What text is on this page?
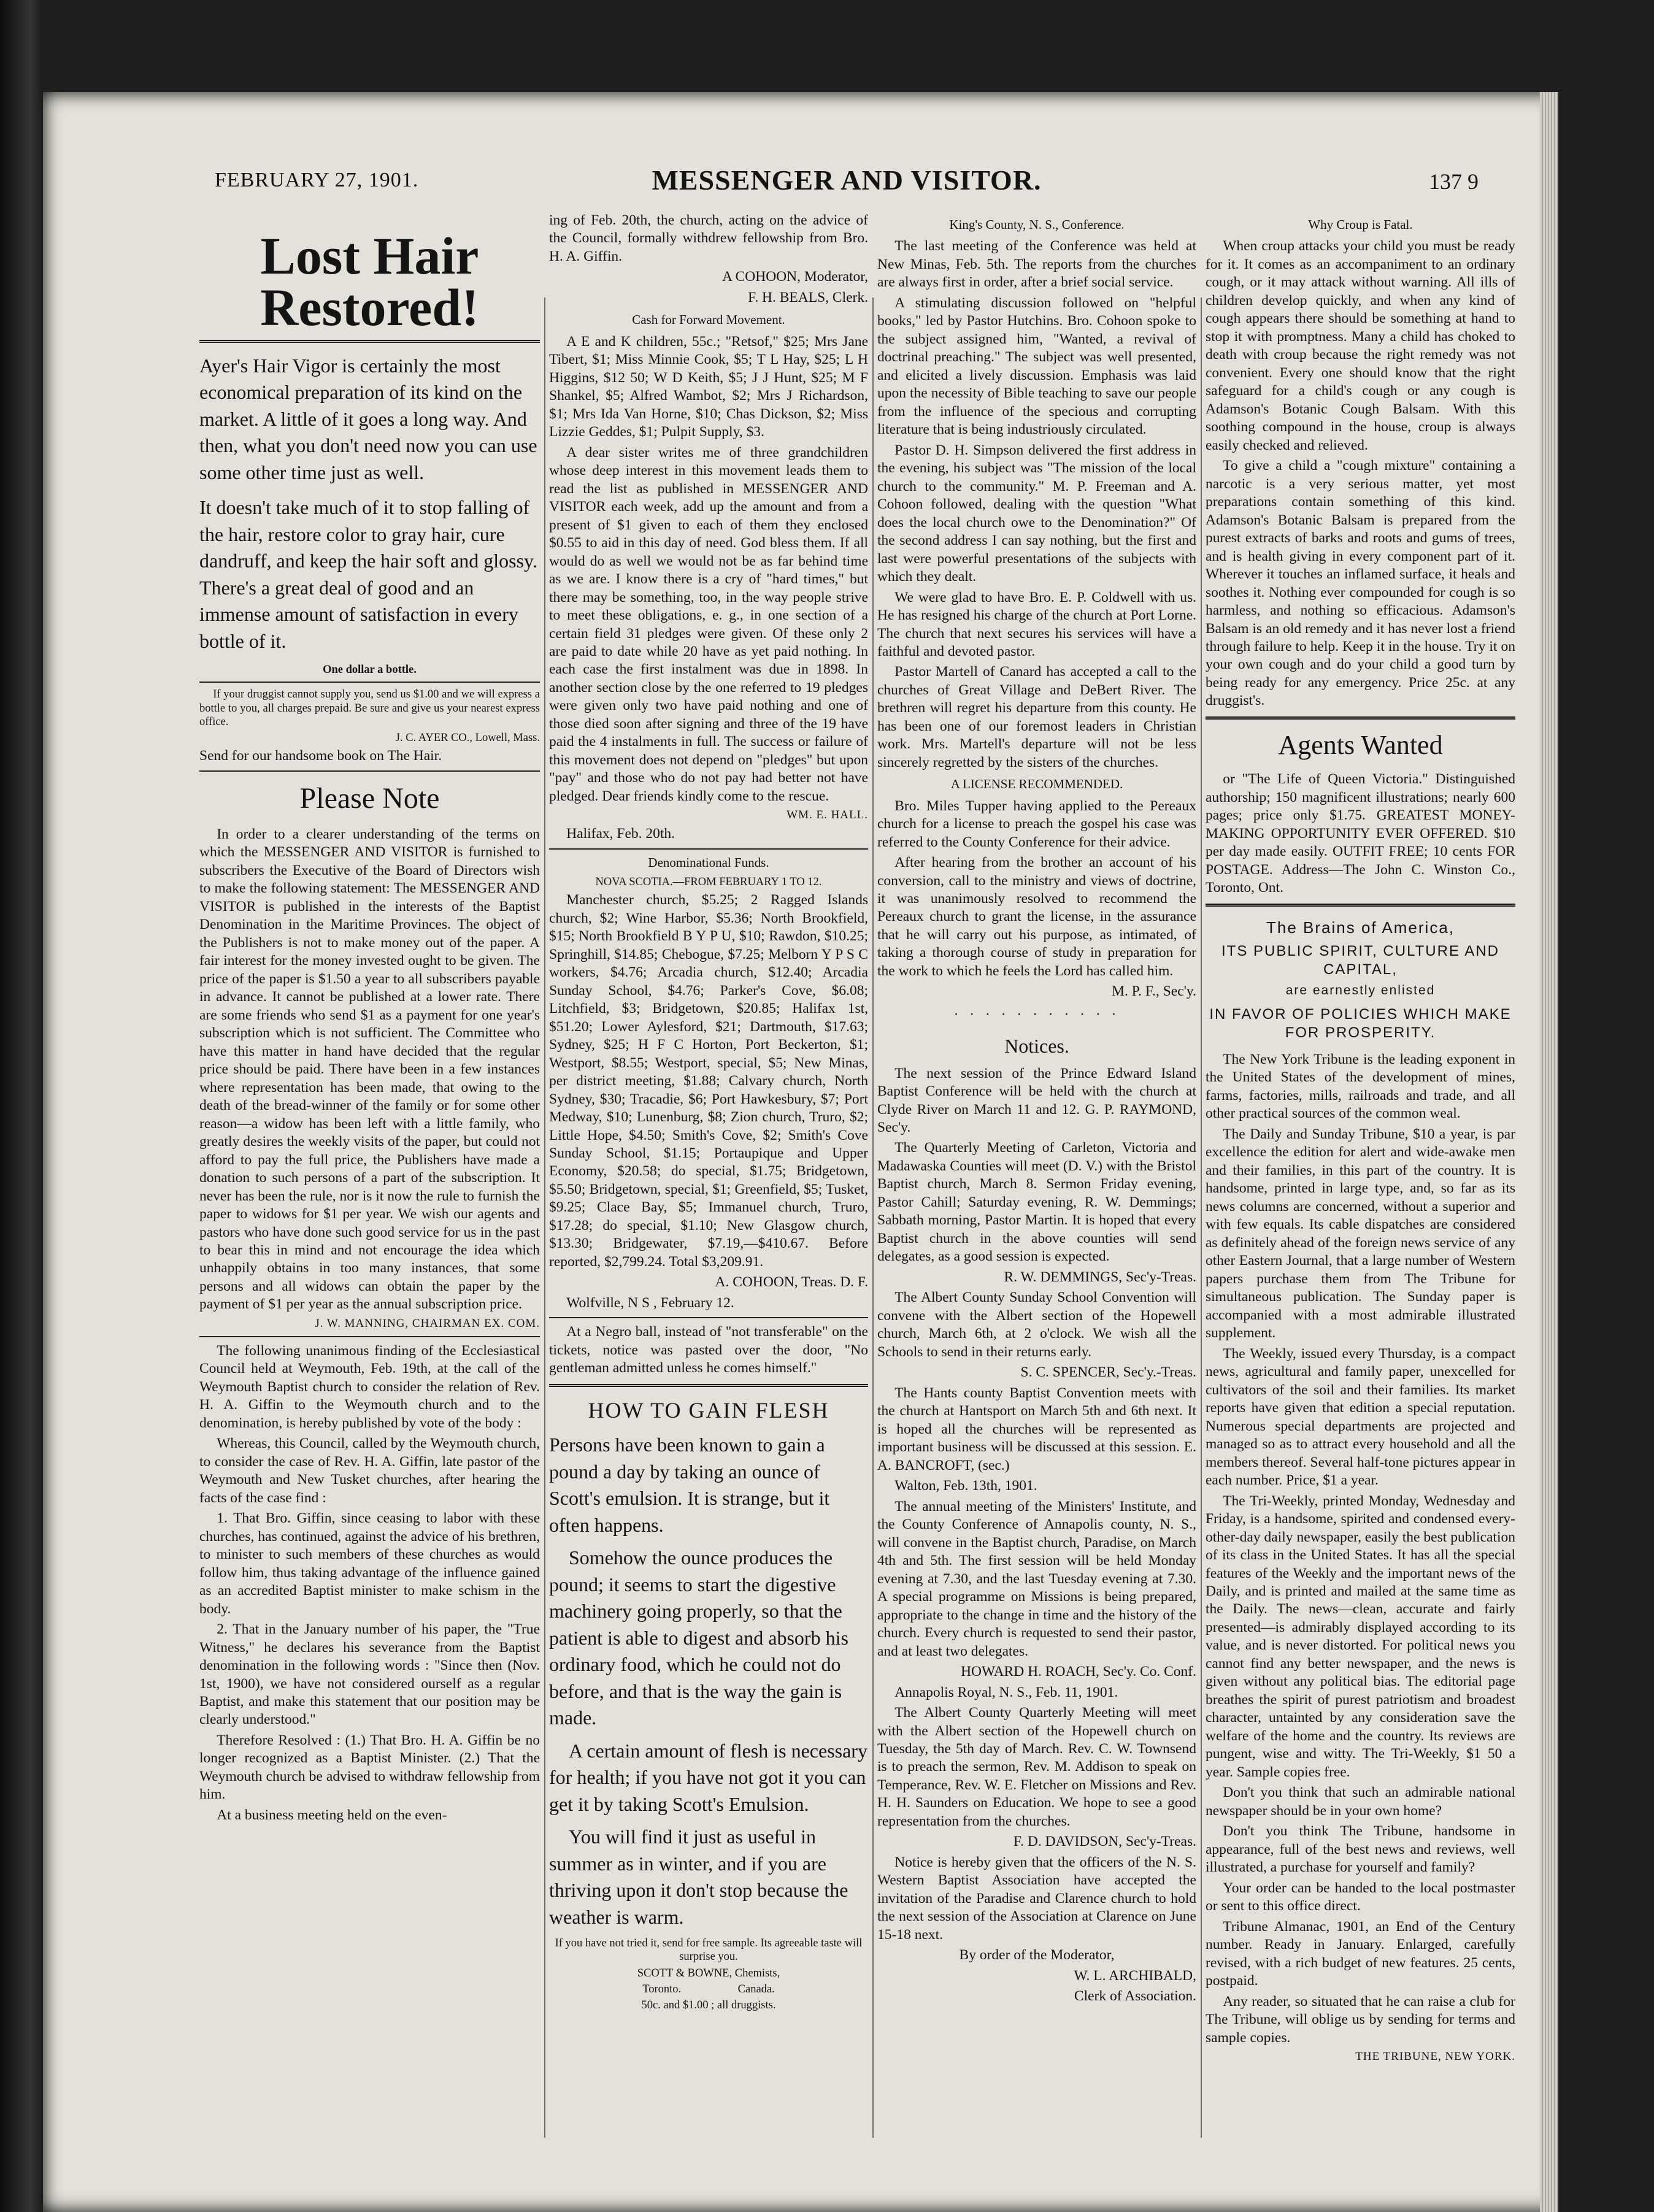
FEBRUARY 27, 1901.	MESSENGER AND VISITOR.	137 9
Lost Hair Restored!

Ayer's Hair Vigor is certainly the most economical preparation of its kind on the market. A little of it goes a long way. And then, what you don't need now you can use some other time just as well.

It doesn't take much of it to stop falling of the hair, restore color to gray hair, cure dandruff, and keep the hair soft and glossy. There's a great deal of good and an immense amount of satisfaction in every bottle of it.

One dollar a bottle.

If your druggist cannot supply you, send us $1.00 and we will express a bottle to you, all charges prepaid. Be sure and give us your nearest express office.

J. C. AYER CO., Lowell, Mass.

Send for our handsome book on The Hair.

Please Note

In order to a clearer understanding of the terms on which the MESSENGER AND VISITOR is furnished to subscribers the Executive of the Board of Directors wish to make the following statement: The MESSENGER AND VISITOR is published in the interests of the Baptist Denomination in the Maritime Provinces. The object of the Publishers is not to make money out of the paper. A fair interest for the money invested ought to be given. The price of the paper is $1.50 a year to all subscribers payable in advance. It cannot be published at a lower rate. There are some friends who send $1 as a payment for one year's subscription which is not sufficient. The Committee who have this matter in hand have decided that the regular price should be paid. There have been in a few instances where representation has been made, that owing to the death of the bread-winner of the family or for some other reason—a widow has been left with a little family, who greatly desires the weekly visits of the paper, but could not afford to pay the full price, the Publishers have made a donation to such persons of a part of the subscription. It never has been the rule, nor is it now the rule to furnish the paper to widows for $1 per year. We wish our agents and pastors who have done such good service for us in the past to bear this in mind and not encourage the idea which unhappily obtains in too many instances, that some persons and all widows can obtain the paper by the payment of $1 per year as the annual subscription price.

J. W. MANNING, CHAIRMAN EX. COM.

The following unanimous finding of the Ecclesiastical Council held at Weymouth, Feb. 19th, at the call of the Weymouth Baptist church to consider the relation of Rev. H. A. Giffin to the Weymouth church and to the denomination, is hereby published by vote of the body :

Whereas, this Council, called by the Weymouth church, to consider the case of Rev. H. A. Giffin, late pastor of the Weymouth and New Tusket churches, after hearing the facts of the case find :

1. That Bro. Giffin, since ceasing to labor with these churches, has continued, against the advice of his brethren, to minister to such members of these churches as would follow him, thus taking advantage of the influence gained as an accredited Baptist minister to make schism in the body.

2. That in the January number of his paper, the "True Witness," he declares his severance from the Baptist denomination in the following words : "Since then (Nov. 1st, 1900), we have not considered ourself as a regular Baptist, and make this statement that our position may be clearly understood."

Therefore Resolved : (1.) That Bro. H. A. Giffin be no longer recognized as a Baptist Minister. (2.) That the Weymouth church be advised to withdraw fellowship from him.

At a business meeting held on the even-

ing of Feb. 20th, the church, acting on the advice of the Council, formally withdrew fellowship from Bro. H. A. Giffin.

A COHOON, Moderator,

F. H. BEALS, Clerk.

Cash for Forward Movement.

A E and K children, 55c.; "Retsof," $25; Mrs Jane Tibert, $1; Miss Minnie Cook, $5; T L Hay, $25; L H Higgins, $12 50; W D Keith, $5; J J Hunt, $25; M F Shankel, $5; Alfred Wambot, $2; Mrs J Richardson, $1; Mrs Ida Van Horne, $10; Chas Dickson, $2; Miss Lizzie Geddes, $1; Pulpit Supply, $3.

A dear sister writes me of three grandchildren whose deep interest in this movement leads them to read the list as published in MESSENGER AND VISITOR each week, add up the amount and from a present of $1 given to each of them they enclosed $0.55 to aid in this day of need. God bless them. If all would do as well we would not be as far behind time as we are. I know there is a cry of "hard times," but there may be something, too, in the way people strive to meet these obligations, e. g., in one section of a certain field 31 pledges were given. Of these only 2 are paid to date while 20 have as yet paid nothing. In each case the first instalment was due in 1898. In another section close by the one referred to 19 pledges were given only two have paid nothing and one of those died soon after signing and three of the 19 have paid the 4 instalments in full. The success or failure of this movement does not depend on "pledges" but upon "pay" and those who do not pay had better not have pledged. Dear friends kindly come to the rescue.

WM. E. HALL.

Halifax, Feb. 20th.

Denominational Funds.

NOVA SCOTIA.—FROM FEBRUARY 1 TO 12.

Manchester church, $5.25; 2 Ragged Islands church, $2; Wine Harbor, $5.36; North Brookfield, $15; North Brookfield B Y P U, $10; Rawdon, $10.25; Springhill, $14.85; Chebogue, $7.25; Melborn Y P S C workers, $4.76; Arcadia church, $12.40; Arcadia Sunday School, $4.76; Parker's Cove, $6.08; Litchfield, $3; Bridgetown, $20.85; Halifax 1st, $51.20; Lower Aylesford, $21; Dartmouth, $17.63; Sydney, $25; H F C Horton, Port Beckerton, $1; Westport, $8.55; Westport, special, $5; New Minas, per district meeting, $1.88; Calvary church, North Sydney, $30; Tracadie, $6; Port Hawkesbury, $7; Port Medway, $10; Lunenburg, $8; Zion church, Truro, $2; Little Hope, $4.50; Smith's Cove, $2; Smith's Cove Sunday School, $1.15; Portaupique and Upper Economy, $20.58; do special, $1.75; Bridgetown, $5.50; Bridgetown, special, $1; Greenfield, $5; Tusket, $9.25; Clace Bay, $5; Immanuel church, Truro, $17.28; do special, $1.10; New Glasgow church, $13.30; Bridgewater, $7.19,—$410.67. Before reported, $2,799.24. Total $3,209.91.

A. COHOON, Treas. D. F.

Wolfville, N S , February 12.

At a Negro ball, instead of "not transferable" on the tickets, notice was pasted over the door, "No gentleman admitted unless he comes himself."

HOW TO GAIN FLESH

Persons have been known to gain a pound a day by taking an ounce of Scott's emulsion. It is strange, but it often happens.

Somehow the ounce produces the pound; it seems to start the digestive machinery going properly, so that the patient is able to digest and absorb his ordinary food, which he could not do before, and that is the way the gain is made.

A certain amount of flesh is necessary for health; if you have not got it you can get it by taking Scott's Emulsion.

You will find it just as useful in summer as in winter, and if you are thriving upon it don't stop because the weather is warm.

If you have not tried it, send for free sample. Its agreeable taste will surprise you.

SCOTT & BOWNE, Chemists,

Toronto.                    Canada.

50c. and $1.00 ; all druggists.

King's County, N. S., Conference.

The last meeting of the Conference was held at New Minas, Feb. 5th. The reports from the churches are always first in order, after a brief social service.

A stimulating discussion followed on "helpful books," led by Pastor Hutchins. Bro. Cohoon spoke to the subject assigned him, "Wanted, a revival of doctrinal preaching." The subject was well presented, and elicited a lively discussion. Emphasis was laid upon the necessity of Bible teaching to save our people from the influence of the specious and corrupting literature that is being industriously circulated.

Pastor D. H. Simpson delivered the first address in the evening, his subject was "The mission of the local church to the community." M. P. Freeman and A. Cohoon followed, dealing with the question "What does the local church owe to the Denomination?" Of the second address I can say nothing, but the first and last were powerful presentations of the subjects with which they dealt.

We were glad to have Bro. E. P. Coldwell with us. He has resigned his charge of the church at Port Lorne. The church that next secures his services will have a faithful and devoted pastor.

Pastor Martell of Canard has accepted a call to the churches of Great Village and DeBert River. The brethren will regret his departure from this county. He has been one of our foremost leaders in Christian work. Mrs. Martell's departure will not be less sincerely regretted by the sisters of the churches.

A LICENSE RECOMMENDED.

Bro. Miles Tupper having applied to the Pereaux church for a license to preach the gospel his case was referred to the County Conference for their advice.

After hearing from the brother an account of his conversion, call to the ministry and views of doctrine, it was unanimously resolved to recommend the Pereaux church to grant the license, in the assurance that he will carry out his purpose, as intimated, of taking a thorough course of study in preparation for the work to which he feels the Lord has called him.

M. P. F., Sec'y.

· · · · · · · · · · ·
Notices.

The next session of the Prince Edward Island Baptist Conference will be held with the church at Clyde River on March 11 and 12. G. P. RAYMOND, Sec'y.

The Quarterly Meeting of Carleton, Victoria and Madawaska Counties will meet (D. V.) with the Bristol Baptist church, March 8. Sermon Friday evening, Pastor Cahill; Saturday evening, R. W. Demmings; Sabbath morning, Pastor Martin. It is hoped that every Baptist church in the above counties will send delegates, as a good session is expected.

R. W. DEMMINGS, Sec'y-Treas.

The Albert County Sunday School Convention will convene with the Albert section of the Hopewell church, March 6th, at 2 o'clock. We wish all the Schools to send in their returns early.

S. C. SPENCER, Sec'y.-Treas.

The Hants county Baptist Convention meets with the church at Hantsport on March 5th and 6th next. It is hoped all the churches will be represented as important business will be discussed at this session. E. A. BANCROFT, (sec.)

Walton, Feb. 13th, 1901.

The annual meeting of the Ministers' Institute, and the County Conference of Annapolis county, N. S., will convene in the Baptist church, Paradise, on March 4th and 5th. The first session will be held Monday evening at 7.30, and the last Tuesday evening at 7.30. A special programme on Missions is being prepared, appropriate to the change in time and the history of the church. Every church is requested to send their pastor, and at least two delegates.

HOWARD H. ROACH, Sec'y. Co. Conf.

Annapolis Royal, N. S., Feb. 11, 1901.

The Albert County Quarterly Meeting will meet with the Albert section of the Hopewell church on Tuesday, the 5th day of March. Rev. C. W. Townsend is to preach the sermon, Rev. M. Addison to speak on Temperance, Rev. W. E. Fletcher on Missions and Rev. H. H. Saunders on Education. We hope to see a good representation from the churches.

F. D. DAVIDSON, Sec'y-Treas.

Notice is hereby given that the officers of the N. S. Western Baptist Association have accepted the invitation of the Paradise and Clarence church to hold the next session of the Association at Clarence on June 15-18 next.

By order of the Moderator,

W. L. ARCHIBALD,

Clerk of Association.

Why Croup is Fatal.

When croup attacks your child you must be ready for it. It comes as an accompaniment to an ordinary cough, or it may attack without warning. All ills of children develop quickly, and when any kind of cough appears there should be something at hand to stop it with promptness. Many a child has choked to death with croup because the right remedy was not convenient. Every one should know that the right safeguard for a child's cough or any cough is Adamson's Botanic Cough Balsam. With this soothing compound in the house, croup is always easily checked and relieved.

To give a child a "cough mixture" containing a narcotic is a very serious matter, yet most preparations contain something of this kind. Adamson's Botanic Balsam is prepared from the purest extracts of barks and roots and gums of trees, and is health giving in every component part of it. Wherever it touches an inflamed surface, it heals and soothes it. Nothing ever compounded for cough is so harmless, and nothing so efficacious. Adamson's Balsam is an old remedy and it has never lost a friend through failure to help. Keep it in the house. Try it on your own cough and do your child a good turn by being ready for any emergency. Price 25c. at any druggist's.

Agents Wanted

or "The Life of Queen Victoria." Distinguished authorship; 150 magnificent illustrations; nearly 600 pages; price only $1.75. GREATEST MONEY-MAKING OPPORTUNITY EVER OFFERED. $10 per day made easily. OUTFIT FREE; 10 cents FOR POSTAGE. Address—The John C. Winston Co., Toronto, Ont.

The Brains of America,
ITS PUBLIC SPIRIT, CULTURE AND CAPITAL,
are earnestly enlisted
IN FAVOR OF POLICIES WHICH MAKE FOR PROSPERITY.

The New York Tribune is the leading exponent in the United States of the development of mines, farms, factories, mills, railroads and trade, and all other practical sources of the common weal.

The Daily and Sunday Tribune, $10 a year, is par excellence the edition for alert and wide-awake men and their families, in this part of the country. It is handsome, printed in large type, and, so far as its news columns are concerned, without a superior and with few equals. Its cable dispatches are considered as definitely ahead of the foreign news service of any other Eastern Journal, that a large number of Western papers purchase them from The Tribune for simultaneous publication. The Sunday paper is accompanied with a most admirable illustrated supplement.

The Weekly, issued every Thursday, is a compact news, agricultural and family paper, unexcelled for cultivators of the soil and their families. Its market reports have given that edition a special reputation. Numerous special departments are projected and managed so as to attract every household and all the members thereof. Several half-tone pictures appear in each number. Price, $1 a year.

The Tri-Weekly, printed Monday, Wednesday and Friday, is a handsome, spirited and condensed every-other-day daily newspaper, easily the best publication of its class in the United States. It has all the special features of the Weekly and the important news of the Daily, and is printed and mailed at the same time as the Daily. The news—clean, accurate and fairly presented—is admirably displayed according to its value, and is never distorted. For political news you cannot find any better newspaper, and the news is given without any political bias. The editorial page breathes the spirit of purest patriotism and broadest character, untainted by any consideration save the welfare of the home and the country. Its reviews are pungent, wise and witty. The Tri-Weekly, $1 50 a year. Sample copies free.

Don't you think that such an admirable national newspaper should be in your own home?

Don't you think The Tribune, handsome in appearance, full of the best news and reviews, well illustrated, a purchase for yourself and family?

Your order can be handed to the local postmaster or sent to this office direct.

Tribune Almanac, 1901, an End of the Century number. Ready in January. Enlarged, carefully revised, with a rich budget of new features. 25 cents, postpaid.

Any reader, so situated that he can raise a club for The Tribune, will oblige us by sending for terms and sample copies.

THE TRIBUNE, NEW YORK.
